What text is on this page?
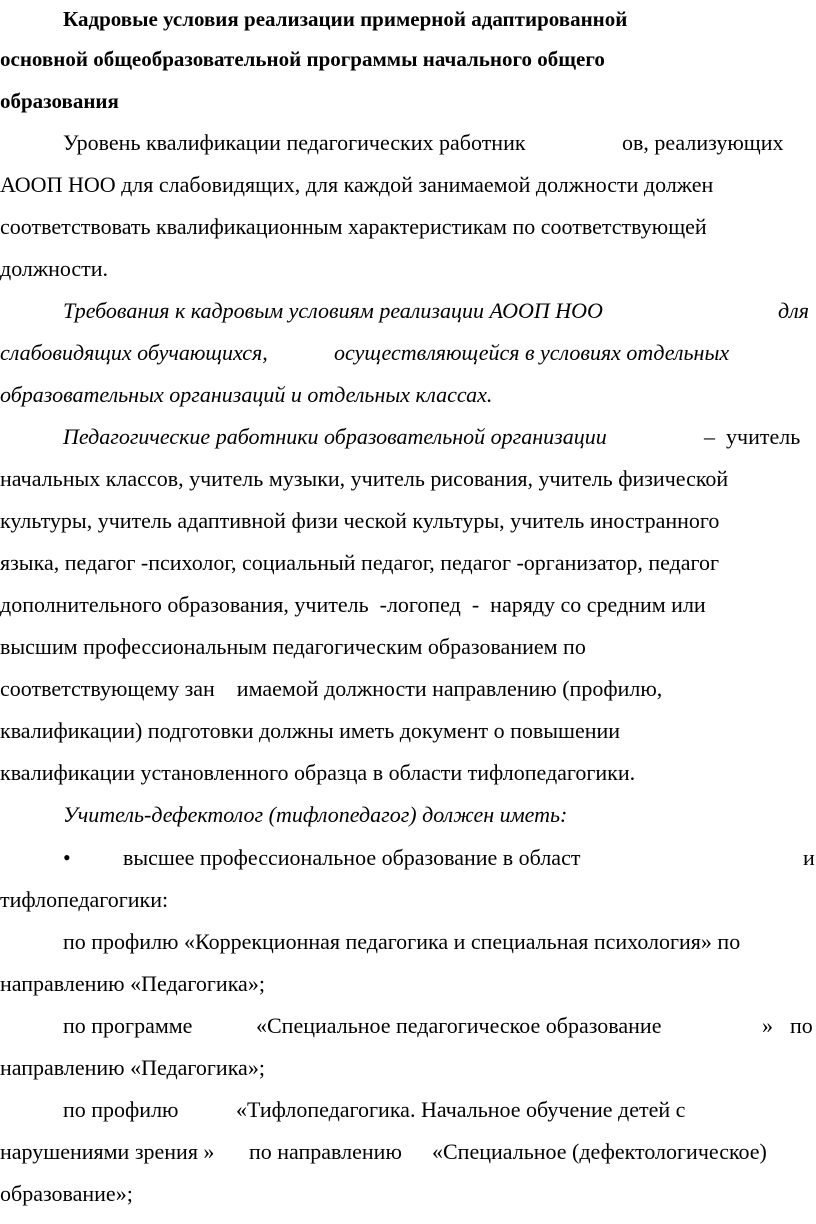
Кадровые условия реализации примерной адаптированной
основной общеобразовательной программы начального общего
образования
Уровень квалификации педагогических работник	ов, реализующих
АООП НОО для слабовидящих, для каждой занимаемой должности должен
соответствовать квалификационным характеристикам по соответствующей
должности.
Требования к кадровым условиям реализации АООП НОО	для
слабовидящих обучающихся,	осуществляющейся в условиях отдельных
образовательных организаций и отдельных классах.
Педагогические работники образовательной организации	–  учитель
начальных классов, учитель музыки, учитель рисования, учитель физической
культуры, учитель адаптивной физи ческой культуры, учитель иностранного
языка, педагог -психолог, социальный педагог, педагог -организатор, педагог
дополнительного образования, учитель  -логопед  -  наряду со средним или
высшим профессиональным педагогическим образованием по
соответствующему зан    имаемой должности направлению (профилю,
квалификации) подготовки должны иметь документ о повышении
квалификации установленного образца в области тифлопедагогики.
Учитель-дефектолог (тифлопедагог) должен иметь:
• высшее профессиональное образование в област	и
тифлопедагогики:
по профилю «Коррекционная педагогика и специальная психология» по
направлению «Педагогика»;
по программе	«Специальное педагогическое образование	» по
направлению «Педагогика»;
по профилю	«Тифлопедагогика. Начальное обучение детей с
нарушениями зрения » по направлению «Специальное (дефектологическое)
образование»;
